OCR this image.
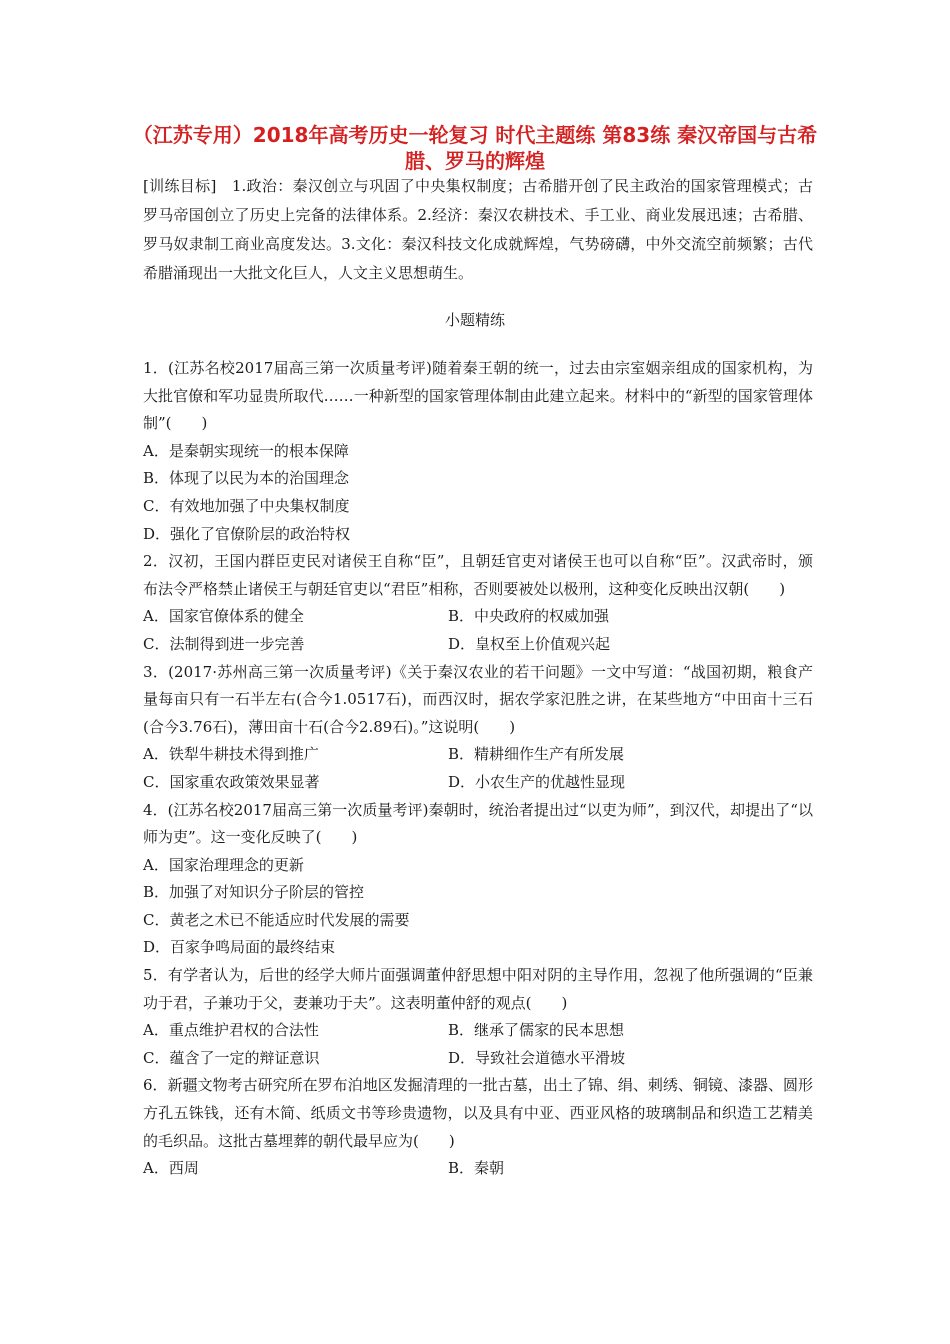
（江苏专用）2018年高考历史一轮复习 时代主题练 第83练 秦汉帝国与古希腊、罗马的辉煌

[训练目标]　1.政治：秦汉创立与巩固了中央集权制度；古希腊开创了民主政治的国家管理模式；古罗马帝国创立了历史上完备的法律体系。2.经济：秦汉农耕技术、手工业、商业发展迅速；古希腊、罗马奴隶制工商业高度发达。3.文化：秦汉科技文化成就辉煌，气势磅礴，中外交流空前频繁；古代希腊涌现出一大批文化巨人，人文主义思想萌生。

小题精练

1．(江苏名校2017届高三第一次质量考评)随着秦王朝的统一，过去由宗室姻亲组成的国家机构，为大批官僚和军功显贵所取代……一种新型的国家管理体制由此建立起来。材料中的“新型的国家管理体制”(　　)

A．是秦朝实现统一的根本保障

B．体现了以民为本的治国理念

C．有效地加强了中央集权制度

D．强化了官僚阶层的政治特权

2．汉初，王国内群臣吏民对诸侯王自称“臣”，且朝廷官吏对诸侯王也可以自称“臣”。汉武帝时，颁布法令严格禁止诸侯王与朝廷官吏以“君臣”相称，否则要被处以极刑，这种变化反映出汉朝(　　)

A．国家官僚体系的健全	B．中央政府的权威加强

C．法制得到进一步完善	D．皇权至上价值观兴起

3．(2017·苏州高三第一次质量考评)《关于秦汉农业的若干问题》一文中写道：“战国初期，粮食产量每亩只有一石半左右(合今1.0517石)，而西汉时，据农学家氾胜之讲，在某些地方“中田亩十三石(合今3.76石)，薄田亩十石(合今2.89石)。”这说明(　　)

A．铁犁牛耕技术得到推广	B．精耕细作生产有所发展

C．国家重农政策效果显著	D．小农生产的优越性显现

4．(江苏名校2017届高三第一次质量考评)秦朝时，统治者提出过“以吏为师”，到汉代，却提出了“以师为吏”。这一变化反映了(　　)

A．国家治理理念的更新

B．加强了对知识分子阶层的管控

C．黄老之术已不能适应时代发展的需要

D．百家争鸣局面的最终结束

5．有学者认为，后世的经学大师片面强调董仲舒思想中阳对阴的主导作用，忽视了他所强调的“臣兼功于君，子兼功于父，妻兼功于夫”。这表明董仲舒的观点(　　)

A．重点维护君权的合法性	B．继承了儒家的民本思想

C．蕴含了一定的辩证意识	D．导致社会道德水平滑坡

6．新疆文物考古研究所在罗布泊地区发掘清理的一批古墓，出土了锦、绢、刺绣、铜镜、漆器、圆形方孔五铢钱，还有木简、纸质文书等珍贵遗物，以及具有中亚、西亚风格的玻璃制品和织造工艺精美的毛织品。这批古墓埋葬的朝代最早应为(　　)

A．西周	B．秦朝
